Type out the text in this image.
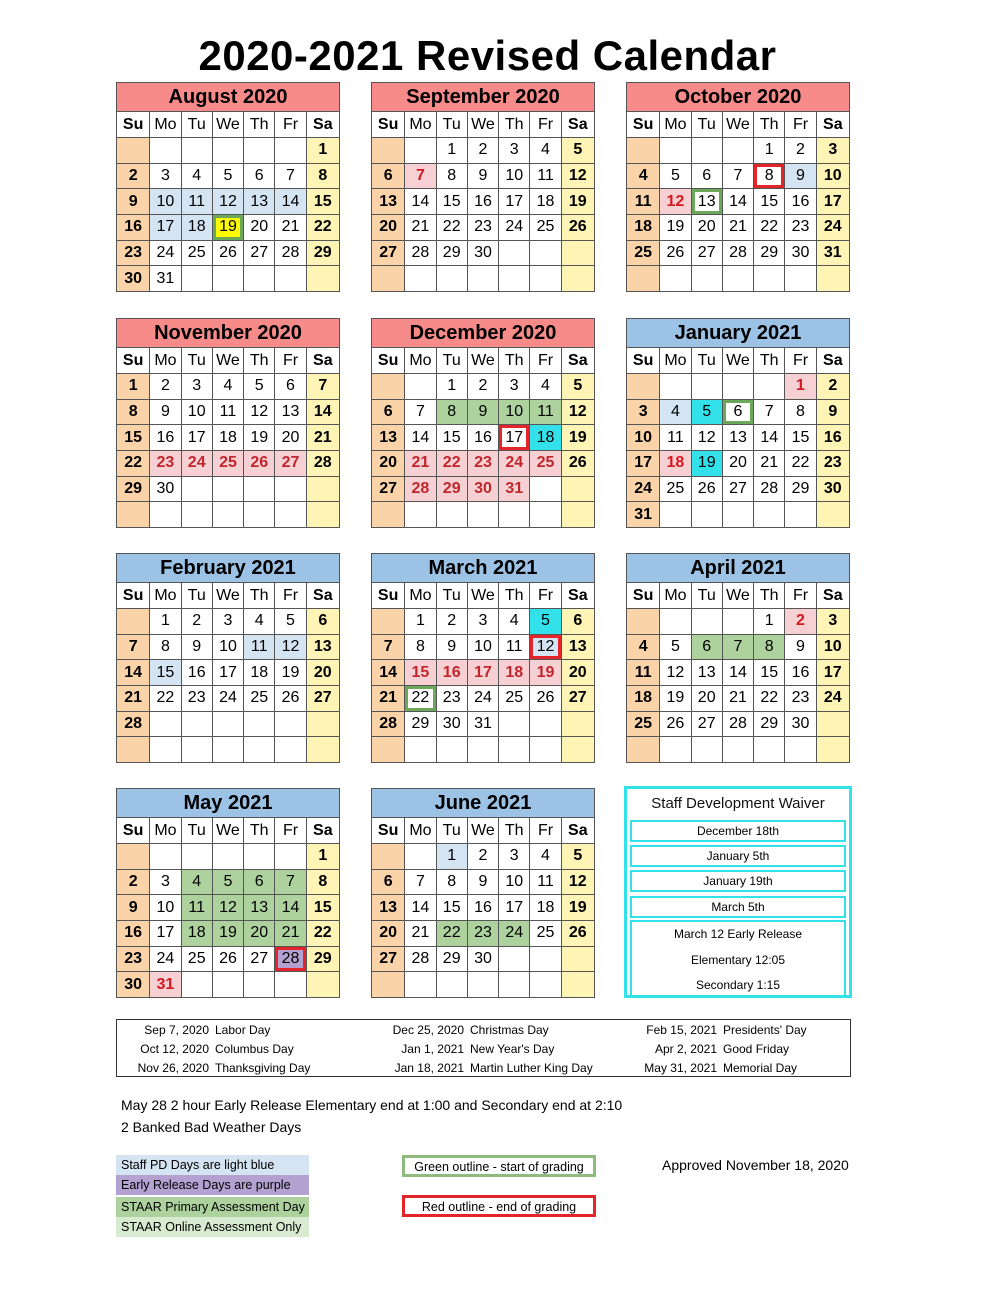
2020-2021 Revised Calendar
August 2020
Su	Mo	Tu	We	Th	Fr	Sa
						1
2	3	4	5	6	7	8
9	10	11	12	13	14	15
16	17	18	19	20	21	22
23	24	25	26	27	28	29
30	31					
September 2020
Su	Mo	Tu	We	Th	Fr	Sa
		1	2	3	4	5
6	7	8	9	10	11	12
13	14	15	16	17	18	19
20	21	22	23	24	25	26
27	28	29	30			

October 2020
Su	Mo	Tu	We	Th	Fr	Sa
				1	2	3
4	5	6	7	8	9	10
11	12	13	14	15	16	17
18	19	20	21	22	23	24
25	26	27	28	29	30	31

November 2020
Su	Mo	Tu	We	Th	Fr	Sa
1	2	3	4	5	6	7
8	9	10	11	12	13	14
15	16	17	18	19	20	21
22	23	24	25	26	27	28
29	30					

December 2020
Su	Mo	Tu	We	Th	Fr	Sa
		1	2	3	4	5
6	7	8	9	10	11	12
13	14	15	16	17	18	19
20	21	22	23	24	25	26
27	28	29	30	31		

January 2021
Su	Mo	Tu	We	Th	Fr	Sa
					1	2
3	4	5	6	7	8	9
10	11	12	13	14	15	16
17	18	19	20	21	22	23
24	25	26	27	28	29	30
31						
February 2021
Su	Mo	Tu	We	Th	Fr	Sa
	1	2	3	4	5	6
7	8	9	10	11	12	13
14	15	16	17	18	19	20
21	22	23	24	25	26	27
28						

March 2021
Su	Mo	Tu	We	Th	Fr	Sa
	1	2	3	4	5	6
7	8	9	10	11	12	13
14	15	16	17	18	19	20
21	22	23	24	25	26	27
28	29	30	31			

April 2021
Su	Mo	Tu	We	Th	Fr	Sa
				1	2	3
4	5	6	7	8	9	10
11	12	13	14	15	16	17
18	19	20	21	22	23	24
25	26	27	28	29	30	

May 2021
Su	Mo	Tu	We	Th	Fr	Sa
						1
2	3	4	5	6	7	8
9	10	11	12	13	14	15
16	17	18	19	20	21	22
23	24	25	26	27	28	29
30	31					
June 2021
Su	Mo	Tu	We	Th	Fr	Sa
		1	2	3	4	5
6	7	8	9	10	11	12
13	14	15	16	17	18	19
20	21	22	23	24	25	26
27	28	29	30			

Staff Development Waiver
December 18th
January 5th
January 19th
March 5th
March 12 Early Release
Elementary 12:05
Secondary 1:15
Sep 7, 2020 Labor Day
Oct 12, 2020 Columbus Day
Nov 26, 2020 Thanksgiving Day
Dec 25, 2020 Christmas Day
Jan 1, 2021 New Year's Day
Jan 18, 2021 Martin Luther King Day
Feb 15, 2021 Presidents' Day
Apr 2, 2021 Good Friday
May 31, 2021 Memorial Day
May 28 2 hour Early Release Elementary end at 1:00 and Secondary end at 2:10
2 Banked Bad Weather Days
Staff PD Days are light blue
Early Release Days are purple
STAAR Primary Assessment Day
STAAR Online Assessment Only
Green outline - start of grading
Red outline - end of grading
Approved November 18, 2020
